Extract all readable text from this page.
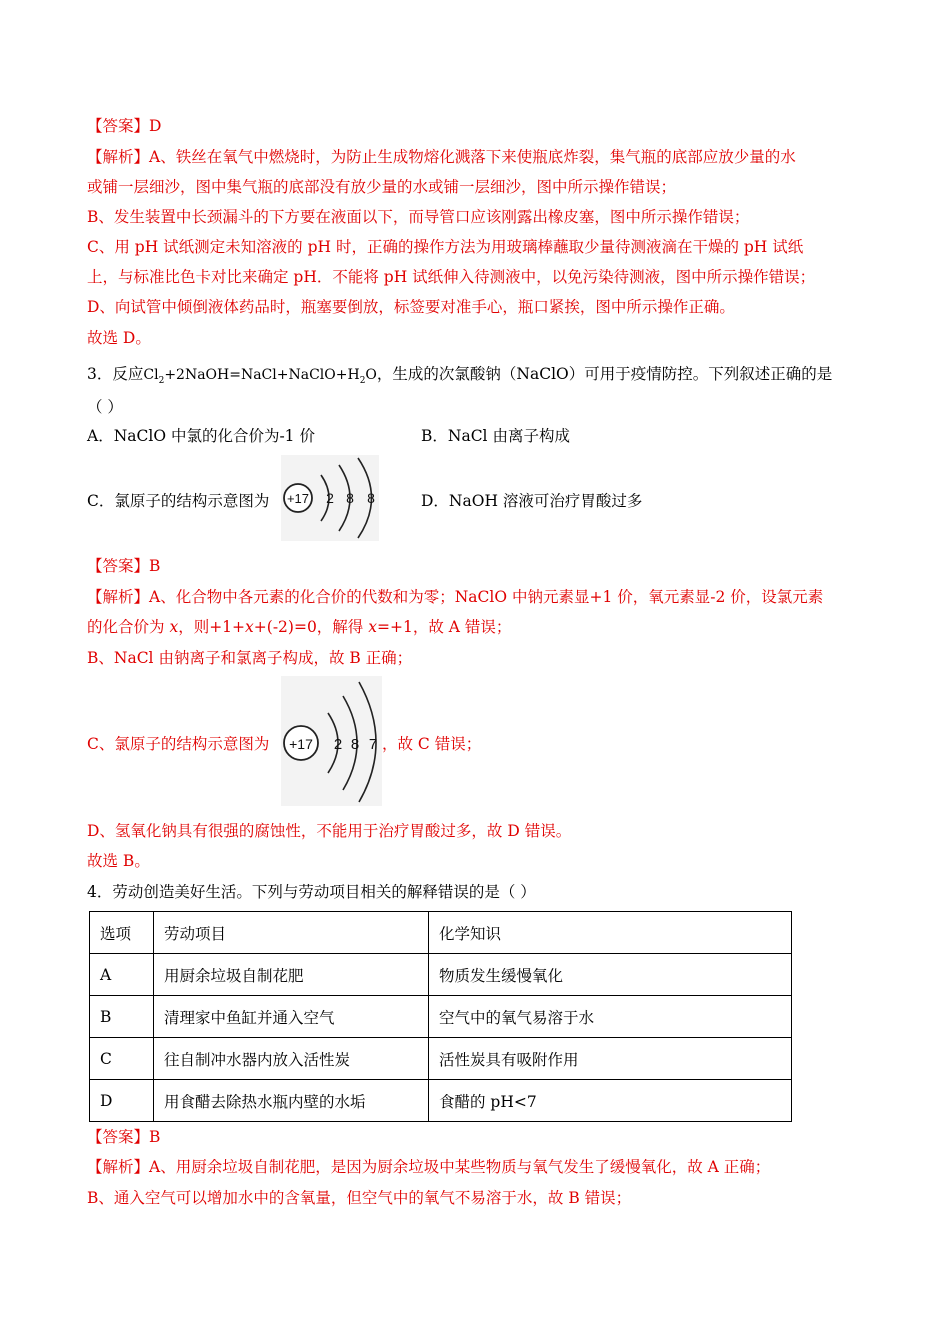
【答案】D
【解析】A、铁丝在氧气中燃烧时，为防止生成物熔化溅落下来使瓶底炸裂，集气瓶的底部应放少量的水
或铺一层细沙，图中集气瓶的底部没有放少量的水或铺一层细沙，图中所示操作错误；
B、发生装置中长颈漏斗的下方要在液面以下，而导管口应该刚露出橡皮塞，图中所示操作错误；
C、用 pH 试纸测定未知溶液的 pH 时，正确的操作方法为用玻璃棒蘸取少量待测液滴在干燥的 pH 试纸
上，与标准比色卡对比来确定 pH．不能将 pH 试纸伸入待测液中，以免污染待测液，图中所示操作错误；
D、向试管中倾倒液体药品时，瓶塞要倒放，标签要对准手心，瓶口紧挨，图中所示操作正确。
故选 D。
3．反应$Cl_2+2NaOH=NaCl+NaClO+H_2O$，生成的次氯酸钠（NaClO）可用于疫情防控。下列叙述正确的是
（ ）
A．NaClO 中氯的化合价为-1 价	B．NaCl 由离子构成
C．氯原子的结构示意图为	D．NaOH 溶液可治疗胃酸过多
+17 2 8 8
【答案】B
【解析】A、化合物中各元素的化合价的代数和为零；NaClO 中钠元素显+1 价，氧元素显-2 价，设氯元素
的化合价为 x，则+1+x+(-2)=0，解得 x=+1，故 A 错误；
B、NaCl 由钠离子和氯离子构成，故 B 正确；
C、氯原子的结构示意图为	，故 C 错误；
+17 2 8 7
D、氢氧化钠具有很强的腐蚀性，不能用于治疗胃酸过多，故 D 错误。
故选 B。
4．劳动创造美好生活。下列与劳动项目相关的解释错误的是（ ）
选项	劳动项目	化学知识
A	用厨余垃圾自制花肥	物质发生缓慢氧化
B	清理家中鱼缸并通入空气	空气中的氧气易溶于水
C	往自制冲水器内放入活性炭	活性炭具有吸附作用
D	用食醋去除热水瓶内壁的水垢	食醋的 pH<7
【答案】B
【解析】A、用厨余垃圾自制花肥，是因为厨余垃圾中某些物质与氧气发生了缓慢氧化，故 A 正确；
B、通入空气可以增加水中的含氧量，但空气中的氧气不易溶于水，故 B 错误；
